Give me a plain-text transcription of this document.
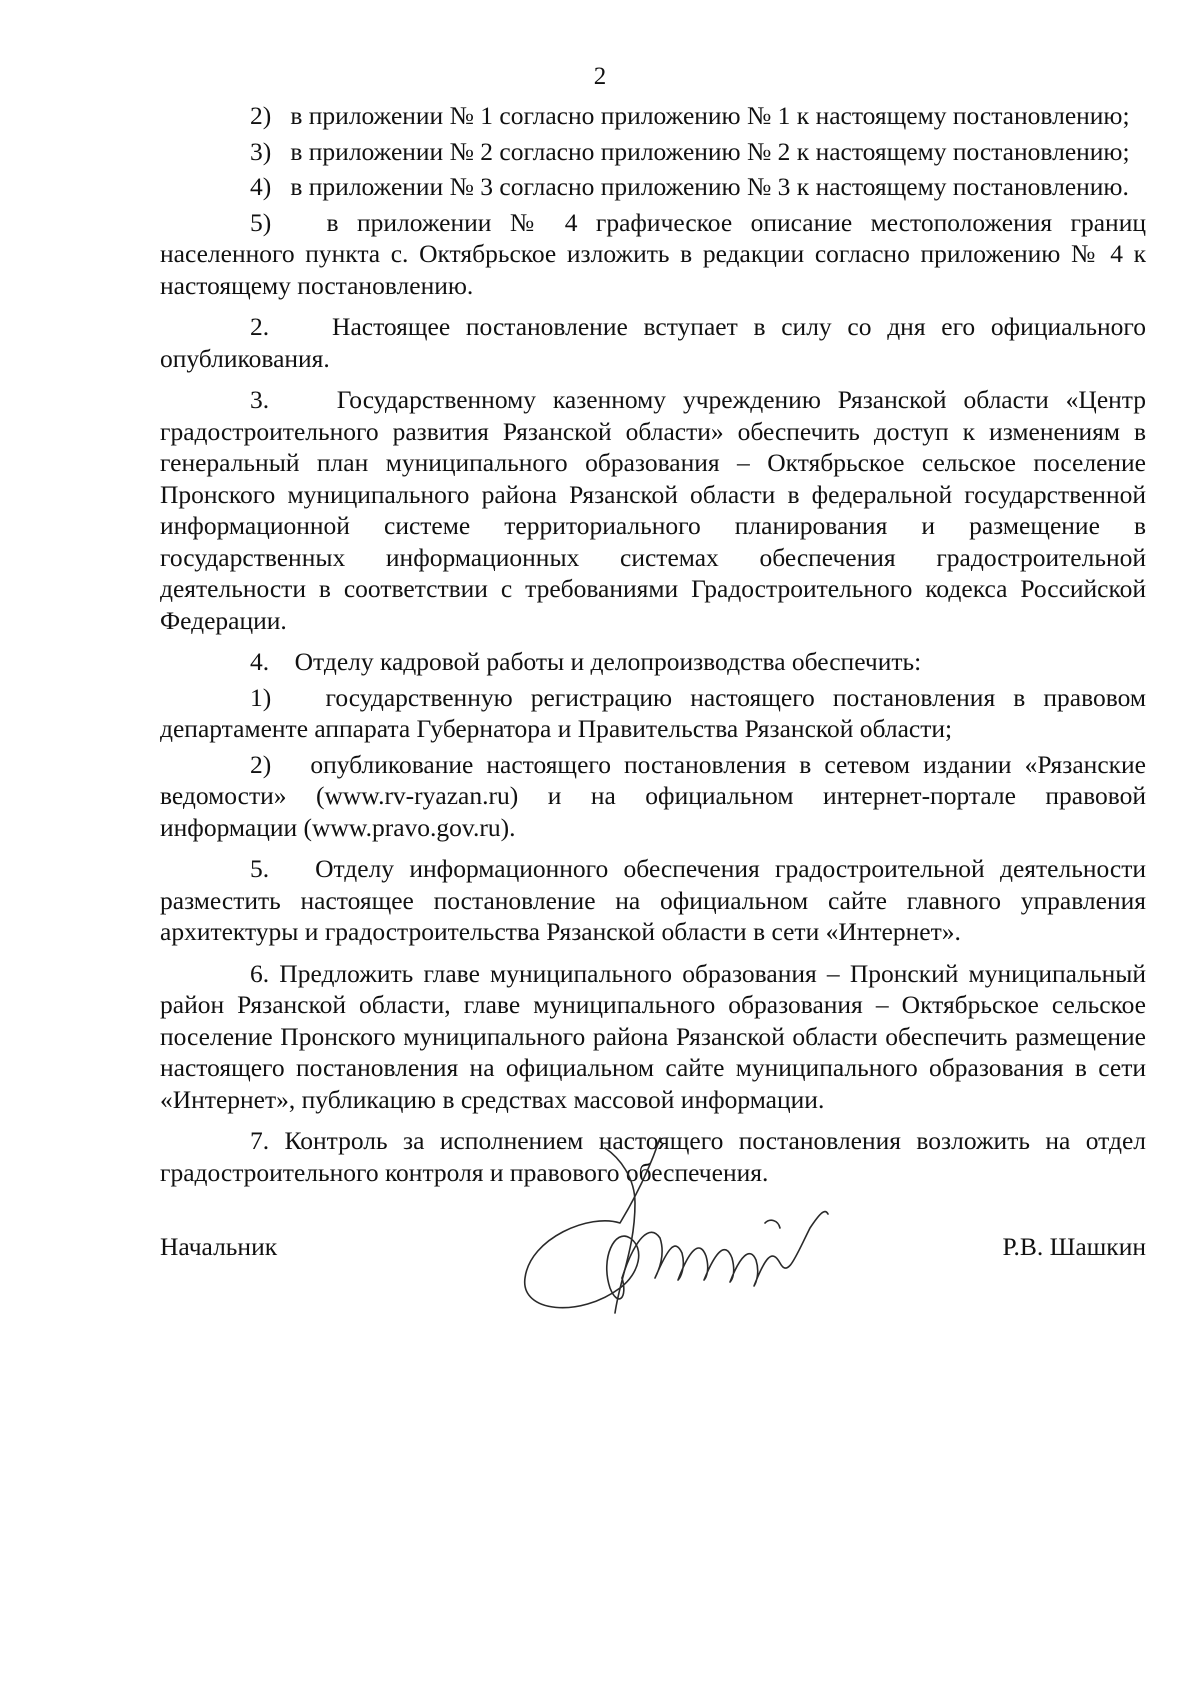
2

2)   в приложении № 1 согласно приложению № 1 к настоящему постановлению;

3)   в приложении № 2 согласно приложению № 2 к настоящему постановлению;

4)   в приложении № 3 согласно приложению № 3 к настоящему постановлению.

5)   в приложении № 4 графическое описание местоположения границ населенного пункта с. Октябрьское изложить в редакции согласно приложению № 4 к настоящему постановлению.

2.    Настоящее постановление вступает в силу со дня его официального опубликования.

3.    Государственному казенному учреждению Рязанской области «Центр градостроительного развития Рязанской области» обеспечить доступ к изменениям в генеральный план муниципального образования – Октябрьское сельское поселение Пронского муниципального района Рязанской области в федеральной государственной информационной системе территориального планирования и размещение в государственных информационных системах обеспечения градостроительной деятельности в соответствии с требованиями Градостроительного кодекса Российской Федерации.

4.    Отделу кадровой работы и делопроизводства обеспечить:

1)   государственную регистрацию настоящего постановления в правовом департаменте аппарата Губернатора и Правительства Рязанской области;

2)   опубликование настоящего постановления в сетевом издании «Рязанские ведомости» (www.rv-ryazan.ru) и на официальном интернет-портале правовой информации (www.pravo.gov.ru).

5.   Отделу информационного обеспечения градостроительной деятельности разместить настоящее постановление на официальном сайте главного управления архитектуры и градостроительства Рязанской области в сети «Интернет».

6. Предложить главе муниципального образования – Пронский муниципальный район Рязанской области, главе муниципального образования – Октябрьское сельское поселение Пронского муниципального района Рязанской области обеспечить размещение настоящего постановления на официальном сайте муниципального образования в сети «Интернет», публикацию в средствах массовой информации.

7. Контроль за исполнением настоящего постановления возложить на отдел градостроительного контроля и правового обеспечения.

Начальник	Р.В. Шашкин
